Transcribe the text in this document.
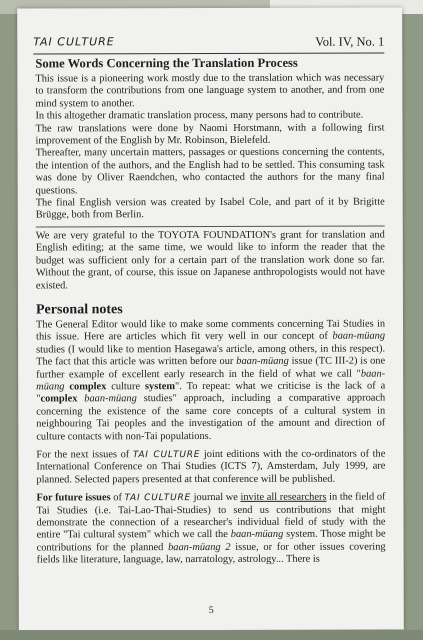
TAI CULTURE	Vol. IV, No. 1
Some Words Concerning the Translation Process

This issue is a pioneering work mostly due to the translation which was necessary to transform the contributions from one language system to another, and from one mind system to another.

In this altogether dramatic translation process, many persons had to contribute.

The raw translations were done by Naomi Horstmann, with a following first improvement of the English by Mr. Robinson, Bielefeld.

Thereafter, many uncertain matters, passages or questions concerning the contents, the intention of the authors, and the English had to be settled. This consuming task was done by Oliver Raendchen, who contacted the authors for the many final questions.

The final English version was created by Isabel Cole, and part of it by Brigitte Brügge, both from Berlin.

We are very grateful to the TOYOTA FOUNDATION's grant for translation and English editing; at the same time, we would like to inform the reader that the budget was sufficient only for a certain part of the translation work done so far. Without the grant, of course, this issue on Japanese anthropologists would not have existed.

Personal notes

The General Editor would like to make some comments concerning Tai Studies in this issue. Here are articles which fit very well in our concept of baan-müang studies (I would like to mention Hasegawa's article, among others, in this respect). The fact that this article was written before our baan-müang issue (TC III-2) is one further example of excellent early research in the field of what we call "baan-müang complex culture system". To repeat: what we criticise is the lack of a "complex baan-müang studies" approach, including a comparative approach concerning the existence of the same core concepts of a cultural system in neighbouring Tai peoples and the investigation of the amount and direction of culture contacts with non-Tai populations.

For the next issues of TAI CULTURE joint editions with the co-ordinators of the International Conference on Thai Studies (ICTS 7), Amsterdam, July 1999, are planned. Selected papers presented at that conference will be published.

For future issues of TAI CULTURE journal we invite all researchers in the field of Tai Studies (i.e. Tai-Lao-Thai-Studies) to send us contributions that might demonstrate the connection of a researcher's individual field of study with the entire "Tai cultural system" which we call the baan-müang system. Those might be contributions for the planned baan-müang 2 issue, or for other issues covering fields like literature, language, law, narratology, astrology... There is

5
